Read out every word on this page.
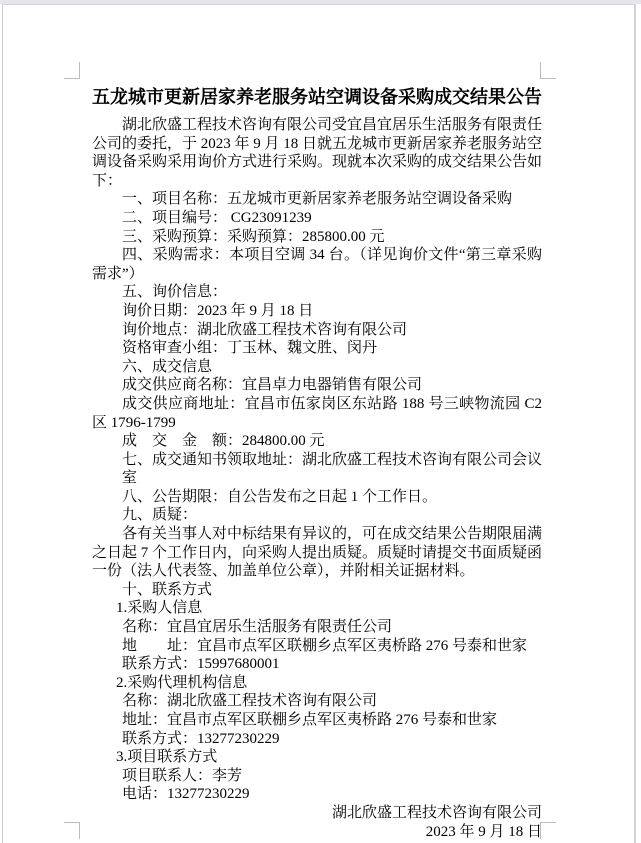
五龙城市更新居家养老服务站空调设备采购成交结果公告

湖北欣盛工程技术咨询有限公司受宜昌宜居乐生活服务有限责任公司的委托，于 2023 年 9 月 18 日就五龙城市更新居家养老服务站空调设备采购采用询价方式进行采购。现就本次采购的成交结果公告如下：

一、项目名称：五龙城市更新居家养老服务站空调设备采购

二、项目编号： CG23091239

三、采购预算：采购预算：285800.00 元

四、采购需求：本项目空调 34 台。（详见询价文件“第三章采购需求”）

五、询价信息：

询价日期：2023 年 9 月 18 日

询价地点：湖北欣盛工程技术咨询有限公司

资格审查小组：丁玉林、魏文胜、闵丹

六、成交信息

成交供应商名称：宜昌卓力电器销售有限公司

成交供应商地址：宜昌市伍家岗区东站路 188 号三峡物流园 C2 区 1796-1799

成　交　金　额：284800.00 元

七、成交通知书领取地址：湖北欣盛工程技术咨询有限公司会议室

八、公告期限：自公告发布之日起 1 个工作日。

九、质疑：

各有关当事人对中标结果有异议的，可在成交结果公告期限届满之日起 7 个工作日内，向采购人提出质疑。质疑时请提交书面质疑函一份（法人代表签、加盖单位公章），并附相关证据材料。

十、联系方式

1.采购人信息

名称：宜昌宜居乐生活服务有限责任公司

地　　址：宜昌市点军区联棚乡点军区夷桥路 276 号泰和世家

联系方式：15997680001

2.采购代理机构信息

名称：湖北欣盛工程技术咨询有限公司

地址：宜昌市点军区联棚乡点军区夷桥路 276 号泰和世家

联系方式：13277230229

3.项目联系方式

项目联系人：李芳

电话：13277230229

湖北欣盛工程技术咨询有限公司
2023 年 9 月 18 日
